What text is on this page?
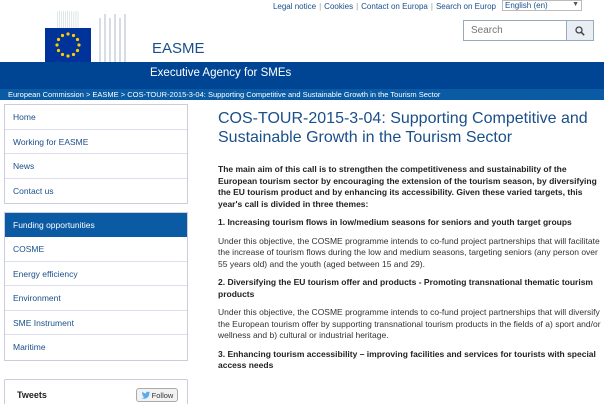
Legal notice | Cookies | Contact on Europa | Search on Europ	English (en)	▼
EASME
Search
Executive Agency for SMEs
European Commission > EASME > COS-TOUR-2015-3-04: Supporting Competitive and Sustainable Growth in the Tourism Sector
Home
Working for EASME
News
Contact us
Funding opportunities
COSME
Energy efficiency
Environment
SME Instrument
Maritime
Tweets	Follow
COS-TOUR-2015-3-04: Supporting Competitive and Sustainable Growth in the Tourism Sector

The main aim of this call is to strengthen the competitiveness and sustainability of the European tourism sector by encouraging the extension of the tourism season, by diversifying the EU tourism product and by enhancing its accessibility. Given these varied targets, this year's call is divided in three themes:

1. Increasing tourism flows in low/medium seasons for seniors and youth target groups

Under this objective, the COSME programme intends to co-fund project partnerships that will facilitate the increase of tourism flows during the low and medium seasons, targeting seniors (any person over 55 years old) and the youth (aged between 15 and 29).

2. Diversifying the EU tourism offer and products - Promoting transnational thematic tourism products

Under this objective, the COSME programme intends to co-fund project partnerships that will diversify the European tourism offer by supporting transnational tourism products in the fields of a) sport and/or wellness and b) cultural or industrial heritage.

3. Enhancing tourism accessibility – improving facilities and services for tourists with special access needs
